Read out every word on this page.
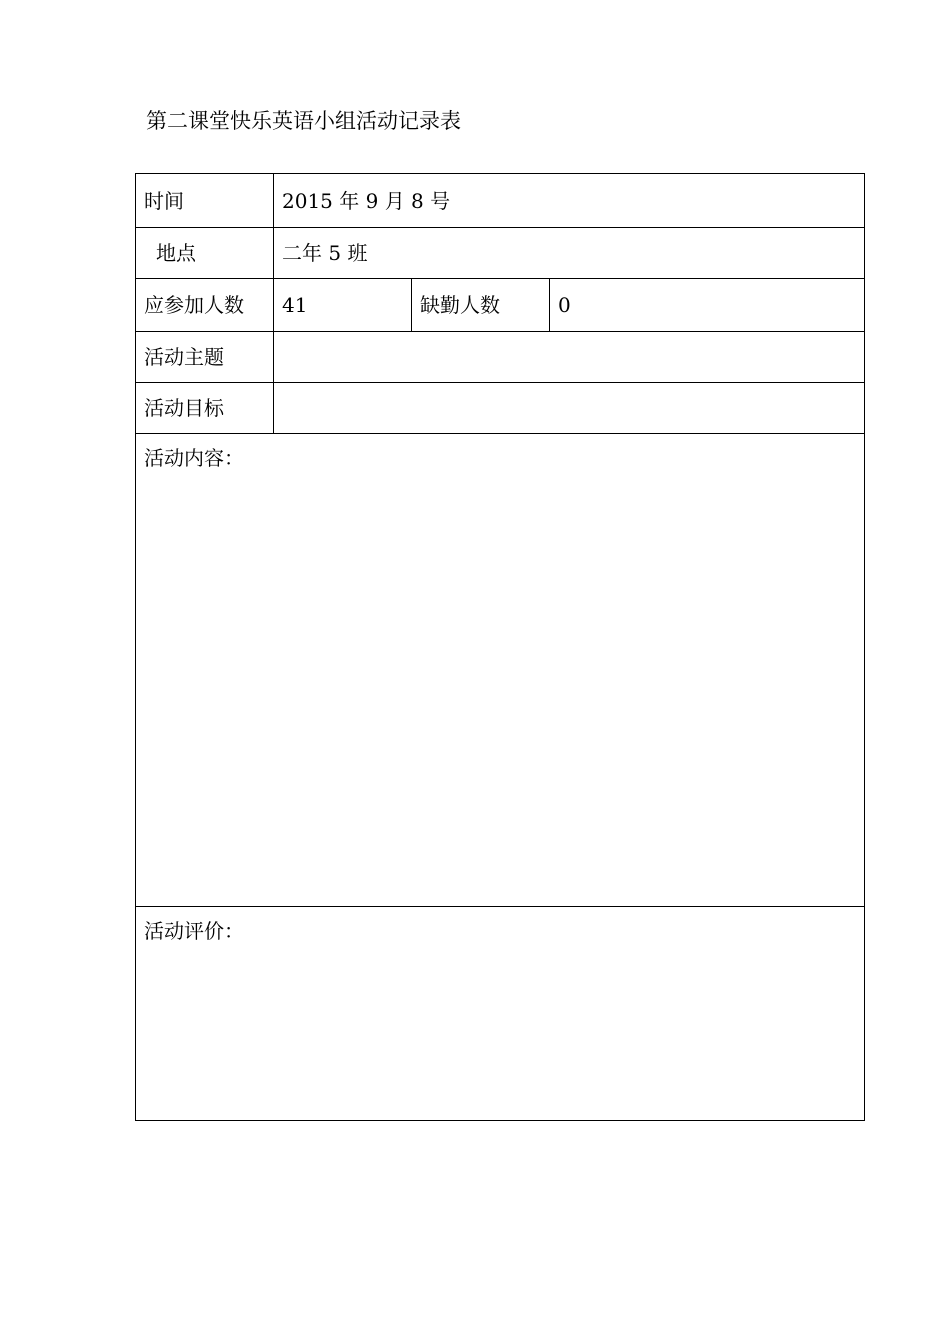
第二课堂快乐英语小组活动记录表
时间	2015 年 9 月 8 号		
地点	二年 5 班		
应参加人数	41	缺勤人数	0
活动主题			
活动目标			
活动内容：			
活动评价：			
